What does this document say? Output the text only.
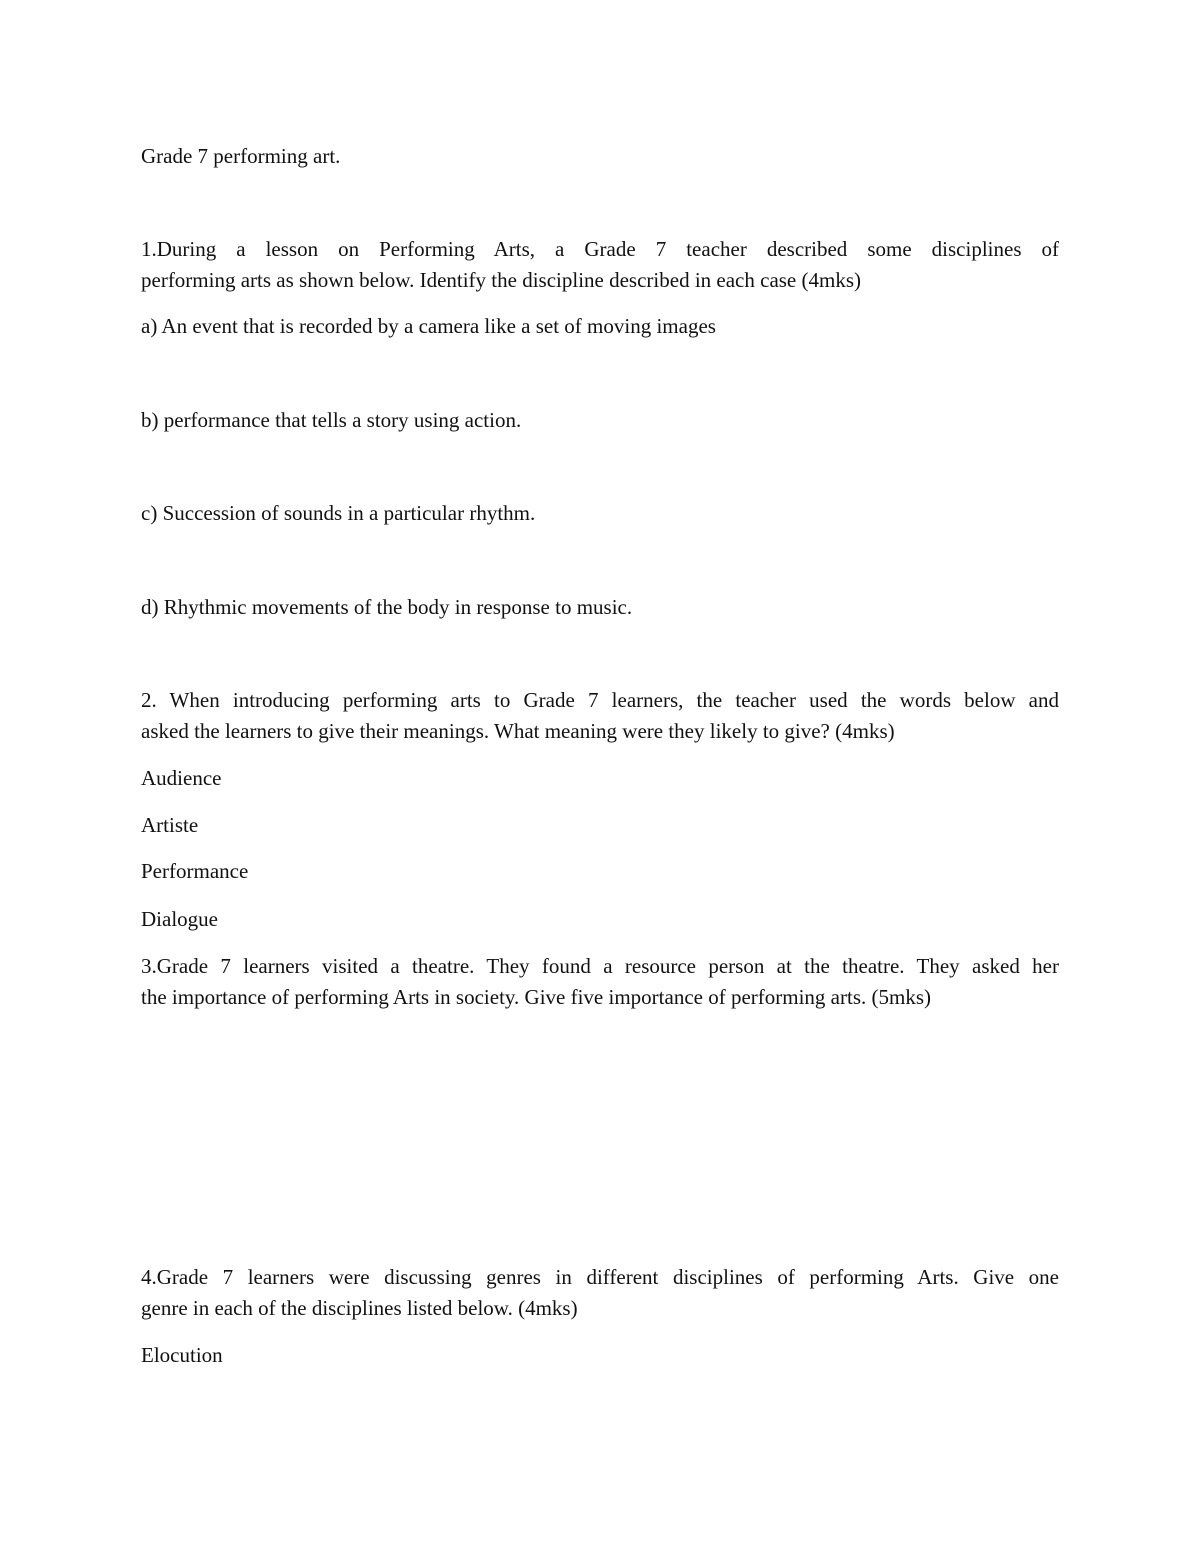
Grade 7 performing art.

1.During a lesson on Performing Arts, a Grade 7 teacher described some disciplines of

performing arts as shown below. Identify the discipline described in each case (4mks)

a) An event that is recorded by a camera like a set of moving images

b) performance that tells a story using action.

c) Succession of sounds in a particular rhythm.

d) Rhythmic movements of the body in response to music.

2. When introducing performing arts to Grade 7 learners, the teacher used the words below and

asked the learners to give their meanings. What meaning were they likely to give? (4mks)

Audience

Artiste

Performance

Dialogue

3.Grade 7 learners visited a theatre. They found a resource person at the theatre. They asked her

the importance of performing Arts in society. Give five importance of performing arts. (5mks)

4.Grade 7 learners were discussing genres in different disciplines of performing Arts. Give one

genre in each of the disciplines listed below. (4mks)

Elocution
